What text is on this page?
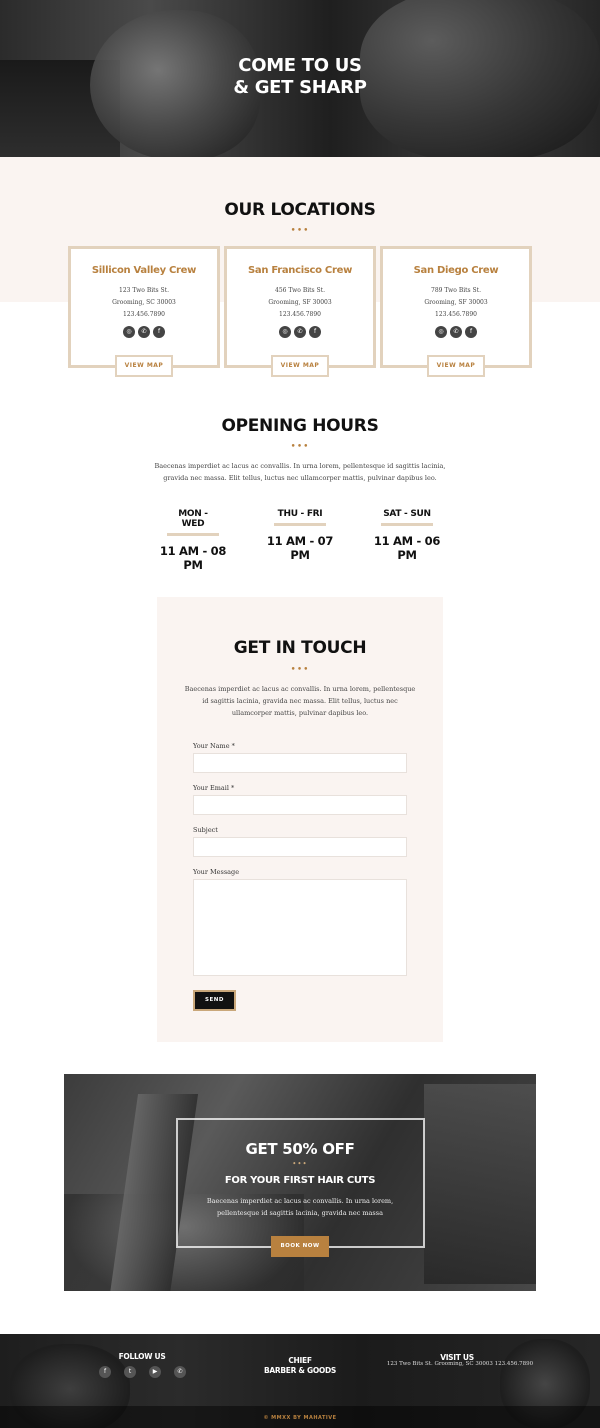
COME TO US
& GET SHARP
OUR LOCATIONS
•••
Sillicon Valley Crew
123 Two Bits St.
Grooming, SC 30003
123.456.7890
◎	✆	f
VIEW MAP
San Francisco Crew
456 Two Bits St.
Grooming, SF 30003
123.456.7890
◎	✆	f
VIEW MAP
San Diego Crew
789 Two Bits St.
Grooming, SF 30003
123.456.7890
◎	✆	f
VIEW MAP
OPENING HOURS
•••
Baecenas imperdiet ac lacus ac convallis. In urna lorem, pellentesque id sagittis lacinia,
gravida nec massa. Elit tellus, luctus nec ullamcorper mattis, pulvinar dapibus leo.
MON - WED
11 AM - 08 PM
THU - FRI
11 AM - 07 PM
SAT - SUN
11 AM - 06 PM
GET IN TOUCH
•••
Baecenas imperdiet ac lacus ac convallis. In urna lorem, pellentesque
id sagittis lacinia, gravida nec massa. Elit tellus, luctus nec
ullamcorper mattis, pulvinar dapibus leo.
Your Name *
Your Email *
Subject
Your Message
SEND
GET 50% OFF
•••
FOR YOUR FIRST HAIR CUTS
Baecenas imperdiet ac lacus ac convallis. In urna lorem,
pellentesque id sagittis lacinia, gravida nec massa
BOOK NOW
FOLLOW US
f	t	▶	✆
CHIEF
BARBER & GOODS
VISIT US
123 Two Bits St. Grooming, SC 30003 123.456.7890
© MMXX BY MAHATIVE
